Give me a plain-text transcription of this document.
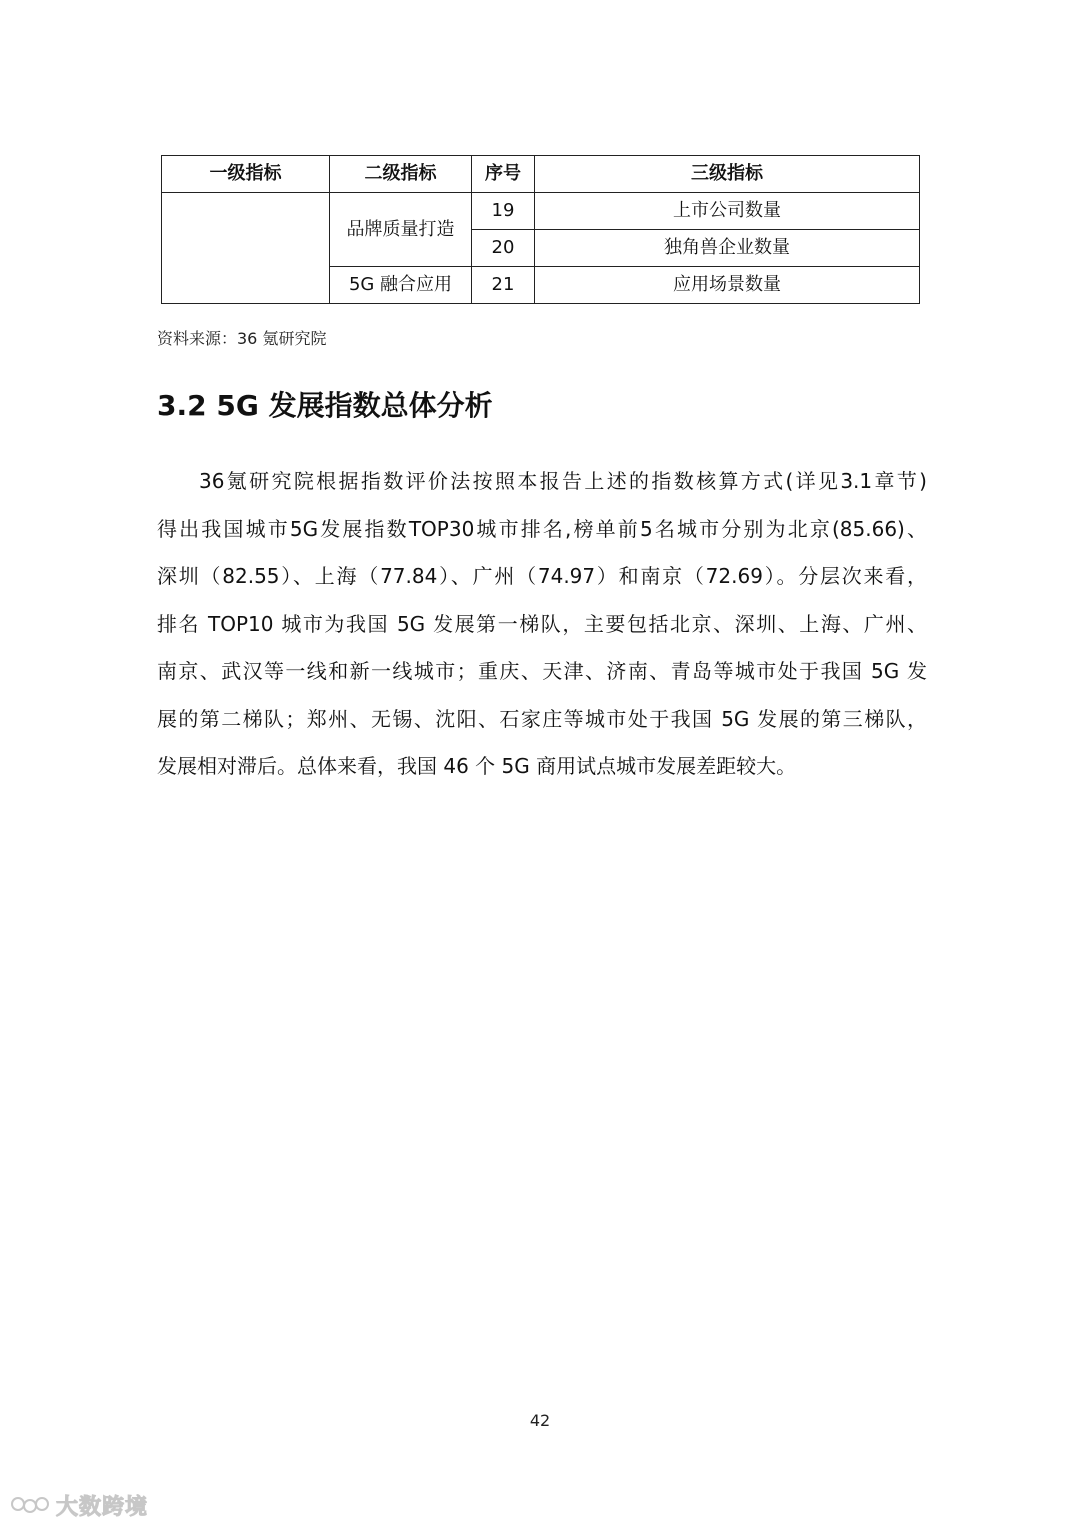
一级指标	二级指标	序号	三级指标
	品牌质量打造	19	上市公司数量
		20	独角兽企业数量
	5G 融合应用	21	应用场景数量
资料来源：36 氪研究院
3.2 5G 发展指数总体分析
36氪研究院根据指数评价法按照本报告上述的指数核算方式(详见3.1章节)
得出我国城市5G发展指数TOP30城市排名,榜单前5名城市分别为北京(85.66)、
深圳（82.55）、上海（77.84）、广州（74.97）和南京（72.69）。分层次来看，
排名 TOP10 城市为我国 5G 发展第一梯队，主要包括北京、深圳、上海、广州、
南京、武汉等一线和新一线城市；重庆、天津、济南、青岛等城市处于我国 5G 发
展的第二梯队；郑州、无锡、沈阳、石家庄等城市处于我国 5G 发展的第三梯队，
发展相对滞后。总体来看，我国 46 个 5G 商用试点城市发展差距较大。
42
大数跨境
